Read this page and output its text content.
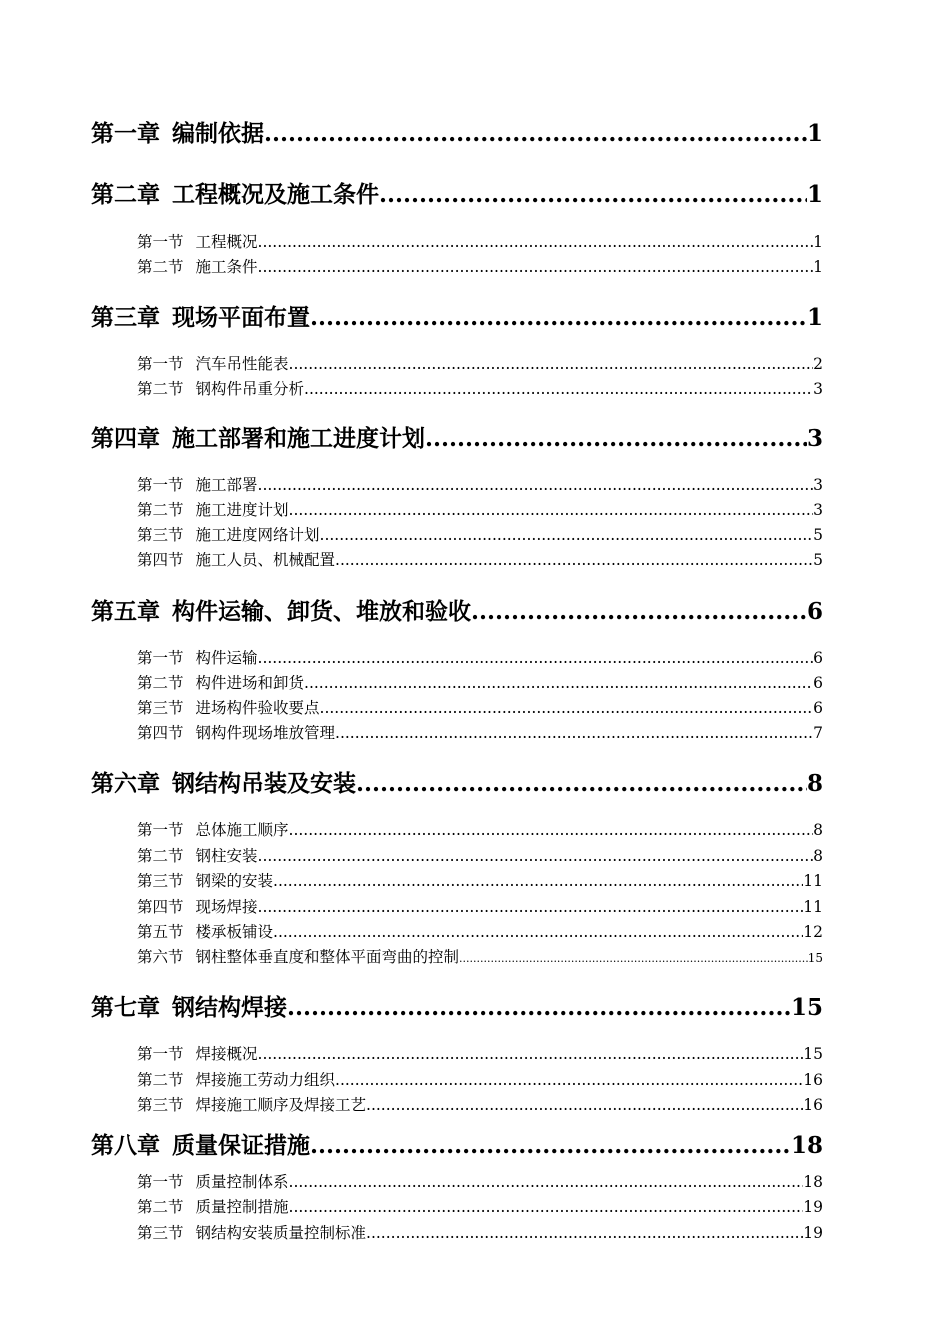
第一章 编制依据 .....	1
第二章 工程概况及施工条件 .....	1
第一节 工程概况 .....	1
第二节 施工条件 .....	1
第三章 现场平面布置 .....	1
第一节 汽车吊性能表 .....	2
第二节 钢构件吊重分析 .....	3
第四章 施工部署和施工进度计划 .....	3
第一节 施工部署 .....	3
第二节 施工进度计划 .....	3
第三节 施工进度网络计划 .....	5
第四节 施工人员、机械配置 .....	5
第五章 构件运输、卸货、堆放和验收 .....	6
第一节 构件运输 .....	6
第二节 构件进场和卸货 .....	6
第三节 进场构件验收要点 .....	6
第四节 钢构件现场堆放管理 .....	7
第六章 钢结构吊装及安装 .....	8
第一节 总体施工顺序 .....	8
第二节 钢柱安装 .....	8
第三节 钢梁的安装 .....	11
第四节 现场焊接 .....	11
第五节 楼承板铺设 .....	12
第六节 钢柱整体垂直度和整体平面弯曲的控制 .....	15
第七章 钢结构焊接 .....	15
第一节 焊接概况 .....	15
第二节 焊接施工劳动力组织 .....	16
第三节 焊接施工顺序及焊接工艺 .....	16
第八章 质量保证措施 .....	18
第一节 质量控制体系 .....	18
第二节 质量控制措施 .....	19
第三节 钢结构安装质量控制标准 .....	19
